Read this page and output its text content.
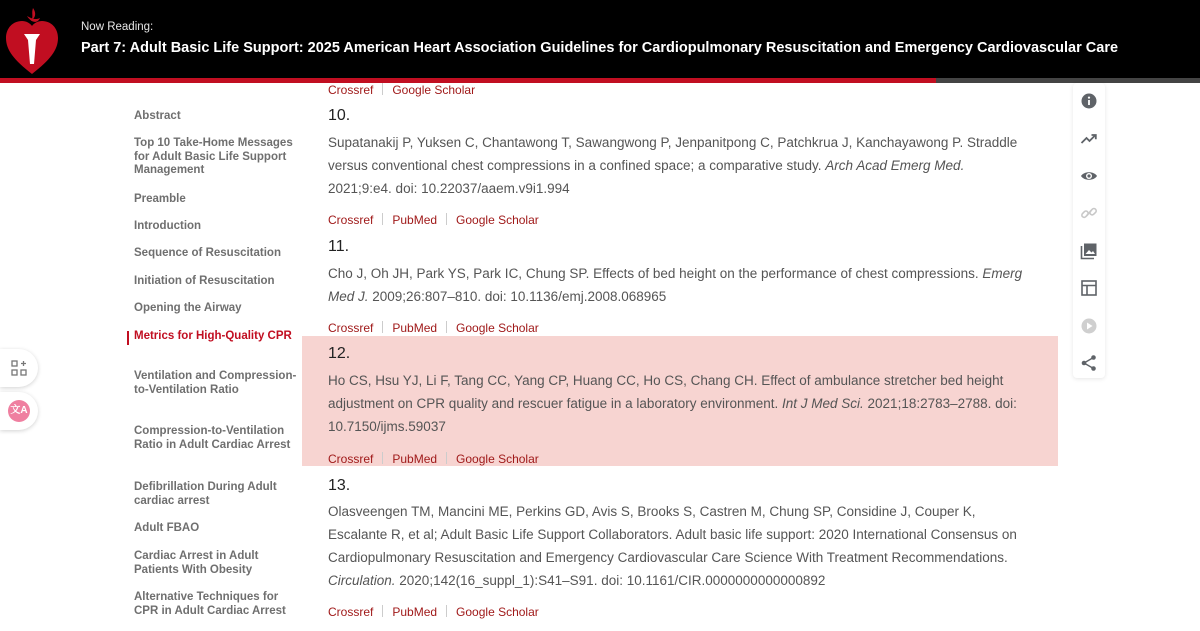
Now Reading:
Part 7: Adult Basic Life Support: 2025 American Heart Association Guidelines for Cardiopulmonary Resuscitation and Emergency Cardiovascular Care
Abstract
Top 10 Take-Home Messages for Adult Basic Life Support Management
Preamble
Introduction
Sequence of Resuscitation
Initiation of Resuscitation
Opening the Airway
Metrics for High-Quality CPR
Ventilation and Compression-to-Ventilation Ratio
Compression-to-Ventilation Ratio in Adult Cardiac Arrest
Defibrillation During Adult cardiac arrest
Adult FBAO
Cardiac Arrest in Adult Patients With Obesity
Alternative Techniques for CPR in Adult Cardiac Arrest
文A
Crossref Google Scholar
10.
Supatanakij P, Yuksen C, Chantawong T, Sawangwong P, Jenpanitpong C, Patchkrua J, Kanchayawong P. Straddle versus conventional chest compressions in a confined space; a comparative study. Arch Acad Emerg Med. 2021;9:e4. doi: 10.22037/aaem.v9i1.994
Crossref PubMed Google Scholar
11.
Cho J, Oh JH, Park YS, Park IC, Chung SP. Effects of bed height on the performance of chest compressions. Emerg Med J. 2009;26:807–810. doi: 10.1136/emj.2008.068965
Crossref PubMed Google Scholar
12.
Ho CS, Hsu YJ, Li F, Tang CC, Yang CP, Huang CC, Ho CS, Chang CH. Effect of ambulance stretcher bed height adjustment on CPR quality and rescuer fatigue in a laboratory environment. Int J Med Sci. 2021;18:2783–2788. doi: 10.7150/ijms.59037
Crossref PubMed Google Scholar
13.
Olasveengen TM, Mancini ME, Perkins GD, Avis S, Brooks S, Castren M, Chung SP, Considine J, Couper K, Escalante R, et al; Adult Basic Life Support Collaborators. Adult basic life support: 2020 International Consensus on Cardiopulmonary Resuscitation and Emergency Cardiovascular Care Science With Treatment Recommendations. Circulation. 2020;142(16_suppl_1):S41–S91. doi: 10.1161/CIR.0000000000000892
Crossref PubMed Google Scholar
